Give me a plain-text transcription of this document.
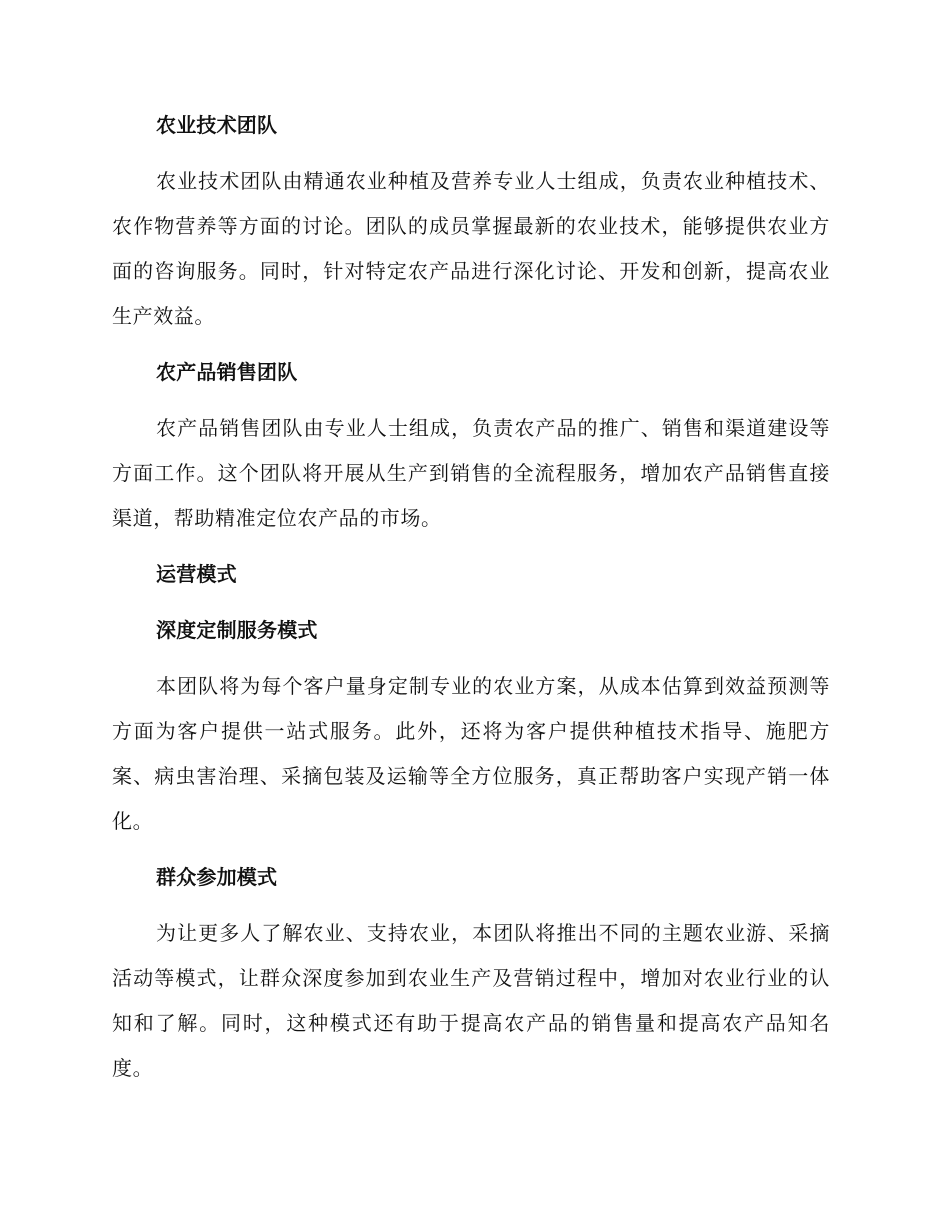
农业技术团队

农业技术团队由精通农业种植及营养专业人士组成，负责农业种植技术、农作物营养等方面的讨论。团队的成员掌握最新的农业技术，能够提供农业方面的咨询服务。同时，针对特定农产品进行深化讨论、开发和创新，提高农业生产效益。

农产品销售团队

农产品销售团队由专业人士组成，负责农产品的推广、销售和渠道建设等方面工作。这个团队将开展从生产到销售的全流程服务，增加农产品销售直接渠道，帮助精准定位农产品的市场。

运营模式
深度定制服务模式

本团队将为每个客户量身定制专业的农业方案，从成本估算到效益预测等方面为客户提供一站式服务。此外，还将为客户提供种植技术指导、施肥方案、病虫害治理、采摘包装及运输等全方位服务，真正帮助客户实现产销一体化。

群众参加模式

为让更多人了解农业、支持农业，本团队将推出不同的主题农业游、采摘活动等模式，让群众深度参加到农业生产及营销过程中，增加对农业行业的认知和了解。同时，这种模式还有助于提高农产品的销售量和提高农产品知名度。
